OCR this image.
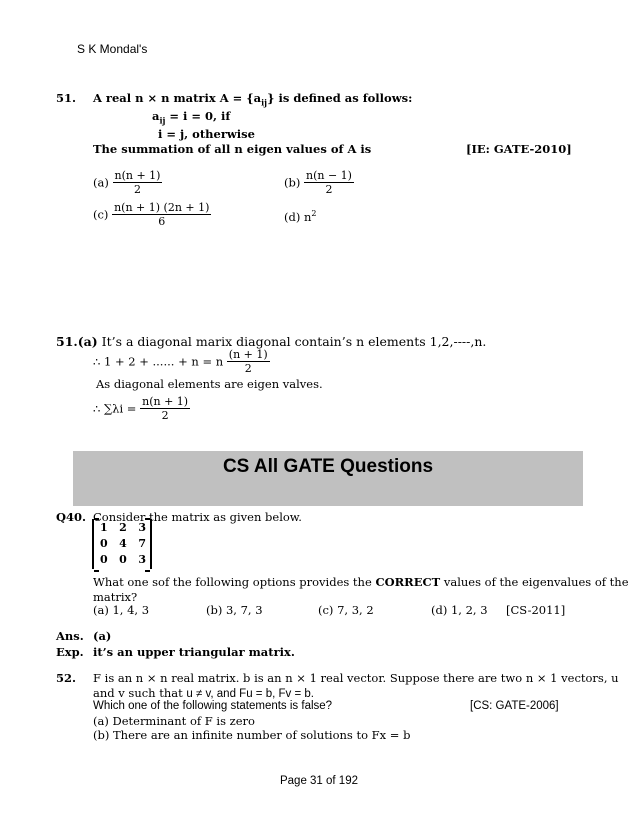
S K Mondal's
51. A real n × n matrix $A = \{a_{ij}\}$ is defined as follows:
$a_{ij} = i = 0$, if
i = j, otherwise
The summation of all n eigen values of A is	[IE: GATE-2010]
$(a) \frac{n(n + 1)}{2}$	$(b) \frac{n(n - 1)}{2}$
$(c) \frac{n(n + 1) (2n + 1)}{6}$	(d) $n^2$
51.(a) It’s a diagonal marix diagonal contain’s n elements 1,2,----,n.
∴ 1 + 2 + ...... + n = n $\frac{(n + 1)}{2}$
As diagonal elements are eigen valves.
∴ $\sum\lambda i = \frac{n(n + 1)}{2}$
CS All GATE Questions
Q40. Consider the matrix as given below.
1 2 3
0 4 7
0 0 3
What one sof the following options provides the CORRECT values of the eigenvalues of the
matrix?
(a) 1, 4, 3	(b) 3, 7, 3	(c) 7, 3, 2	(d) 1, 2, 3 [CS-2011]
Ans. (a)
Exp. it’s an upper triangular matrix.
52. F is an n × n real matrix. b is an n × 1 real vector. Suppose there are two n × 1 vectors, u
and v such that u ≠ v, and Fu = b, Fv = b.
Which one of the following statements is false?	[CS: GATE-2006]
(a) Determinant of F is zero
(b) There are an infinite number of solutions to Fx = b
Page 31 of 192
